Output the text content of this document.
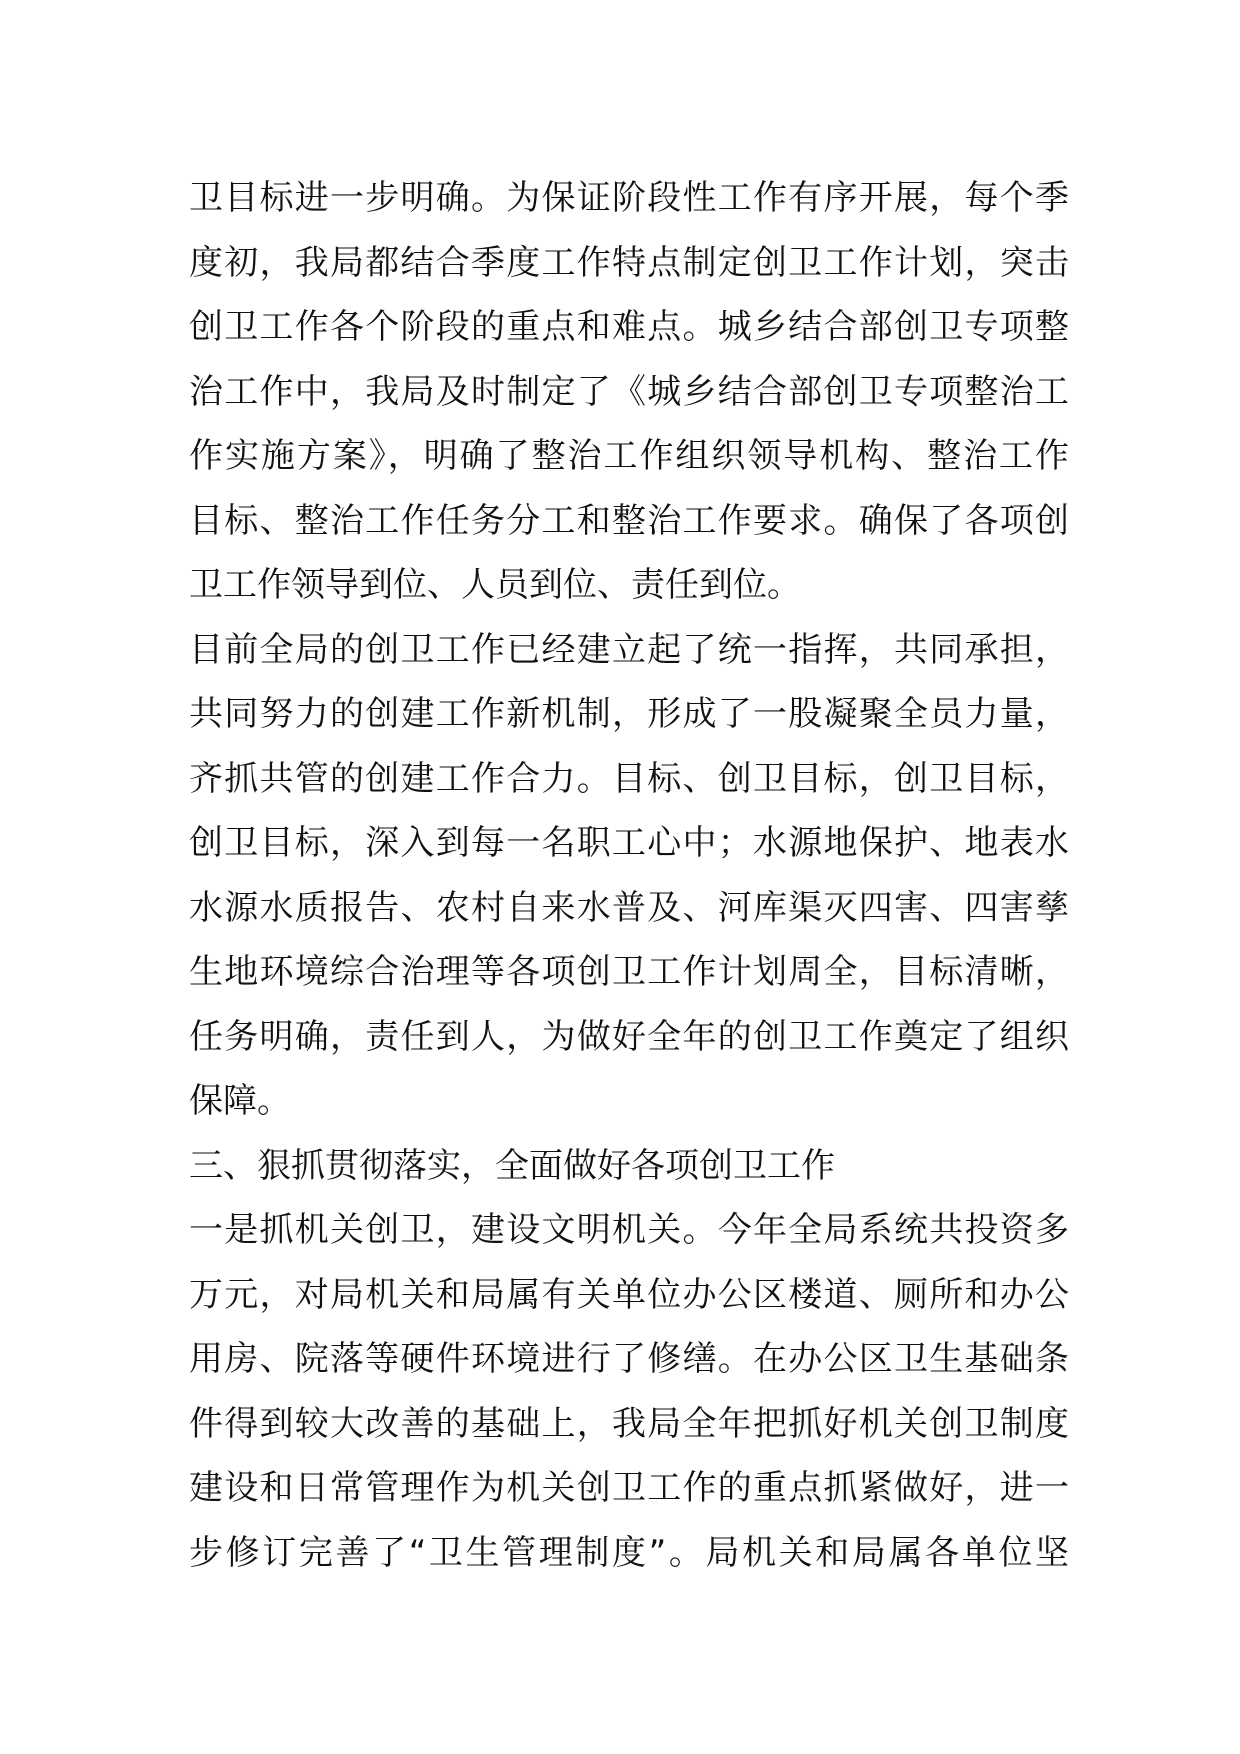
卫目标进一步明确。为保证阶段性工作有序开展，每个季
度初，我局都结合季度工作特点制定创卫工作计划，突击
创卫工作各个阶段的重点和难点。城乡结合部创卫专项整
治工作中，我局及时制定了《城乡结合部创卫专项整治工
作实施方案》，明确了整治工作组织领导机构、整治工作
目标、整治工作任务分工和整治工作要求。确保了各项创
卫工作领导到位、人员到位、责任到位。
目前全局的创卫工作已经建立起了统一指挥，共同承担，
共同努力的创建工作新机制，形成了一股凝聚全员力量，
齐抓共管的创建工作合力。目标、创卫目标，创卫目标，
创卫目标，深入到每一名职工心中；水源地保护、地表水
水源水质报告、农村自来水普及、河库渠灭四害、四害孳
生地环境综合治理等各项创卫工作计划周全，目标清晰，
任务明确，责任到人，为做好全年的创卫工作奠定了组织
保障。
三、狠抓贯彻落实，全面做好各项创卫工作
一是抓机关创卫，建设文明机关。今年全局系统共投资多
万元，对局机关和局属有关单位办公区楼道、厕所和办公
用房、院落等硬件环境进行了修缮。在办公区卫生基础条
件得到较大改善的基础上，我局全年把抓好机关创卫制度
建设和日常管理作为机关创卫工作的重点抓紧做好，进一
步修订完善了“卫生管理制度”。局机关和局属各单位坚
